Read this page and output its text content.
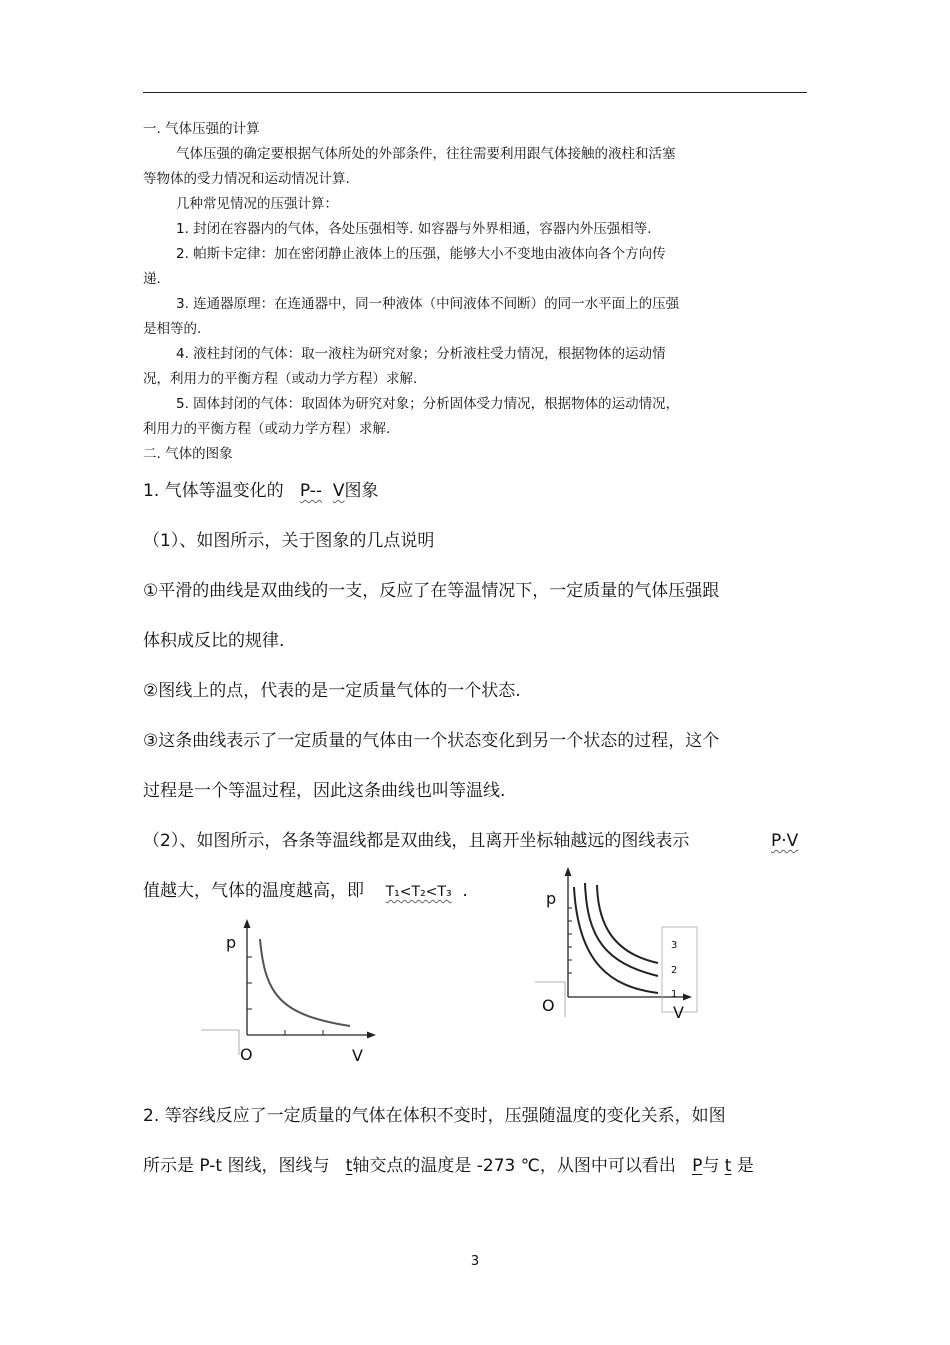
一. 气体压强的计算
气体压强的确定要根据气体所处的外部条件，往往需要利用跟气体接触的液柱和活塞
等物体的受力情况和运动情况计算.
几种常见情况的压强计算：
1. 封闭在容器内的气体，各处压强相等. 如容器与外界相通，容器内外压强相等.
2. 帕斯卡定律：加在密闭静止液体上的压强，能够大小不变地由液体向各个方向传
递.
3. 连通器原理：在连通器中，同一种液体（中间液体不间断）的同一水平面上的压强
是相等的.
4. 液柱封闭的气体：取一液柱为研究对象；分析液柱受力情况，根据物体的运动情
况，利用力的平衡方程（或动力学方程）求解.
5. 固体封闭的气体：取固体为研究对象；分析固体受力情况，根据物体的运动情况，
利用力的平衡方程（或动力学方程）求解.
二. 气体的图象
1. 气体等温变化的 P-- V图象
（1）、如图所示，关于图象的几点说明
①平滑的曲线是双曲线的一支，反应了在等温情况下，一定质量的气体压强跟
体积成反比的规律.
②图线上的点，代表的是一定质量气体的一个状态.
③这条曲线表示了一定质量的气体由一个状态变化到另一个状态的过程，这个
过程是一个等温过程，因此这条曲线也叫等温线.
（2）、如图所示，各条等温线都是双曲线，且离开坐标轴越远的图线表示	P·V
值越大，气体的温度越高，即 T₁<T₂<T₃ .
p
O	V
3
2
1
p
O	V
2. 等容线反应了一定质量的气体在体积不变时，压强随温度的变化关系，如图
所示是 P-t 图线，图线与 t轴交点的温度是 -273 ℃，从图中可以看出 P与 t 是
3
